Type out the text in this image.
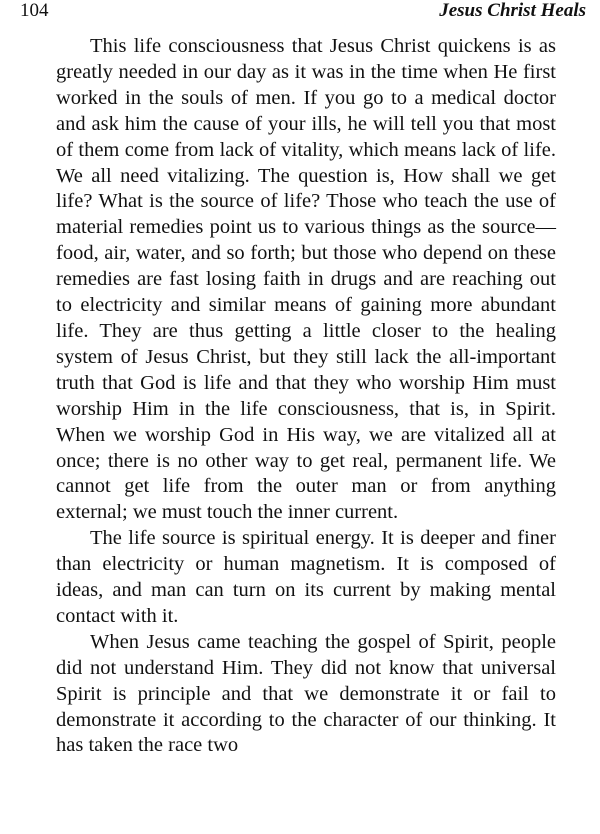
104	Jesus Christ Heals

This life consciousness that Jesus Christ quickens is as greatly needed in our day as it was in the time when He first worked in the souls of men. If you go to a medical doctor and ask him the cause of your ills, he will tell you that most of them come from lack of vitality, which means lack of life. We all need vitalizing. The question is, How shall we get life? What is the source of life? Those who teach the use of material remedies point us to various things as the source—food, air, water, and so forth; but those who depend on these remedies are fast losing faith in drugs and are reaching out to electricity and similar means of gaining more abundant life. They are thus getting a little closer to the healing system of Jesus Christ, but they still lack the all-important truth that God is life and that they who worship Him must worship Him in the life consciousness, that is, in Spirit. When we worship God in His way, we are vitalized all at once; there is no other way to get real, permanent life. We cannot get life from the outer man or from anything external; we must touch the inner current.

The life source is spiritual energy. It is deeper and finer than electricity or human magnetism. It is composed of ideas, and man can turn on its current by making mental contact with it.

When Jesus came teaching the gospel of Spirit, people did not understand Him. They did not know that universal Spirit is principle and that we demonstrate it or fail to demonstrate it according to the character of our thinking. It has taken the race two
